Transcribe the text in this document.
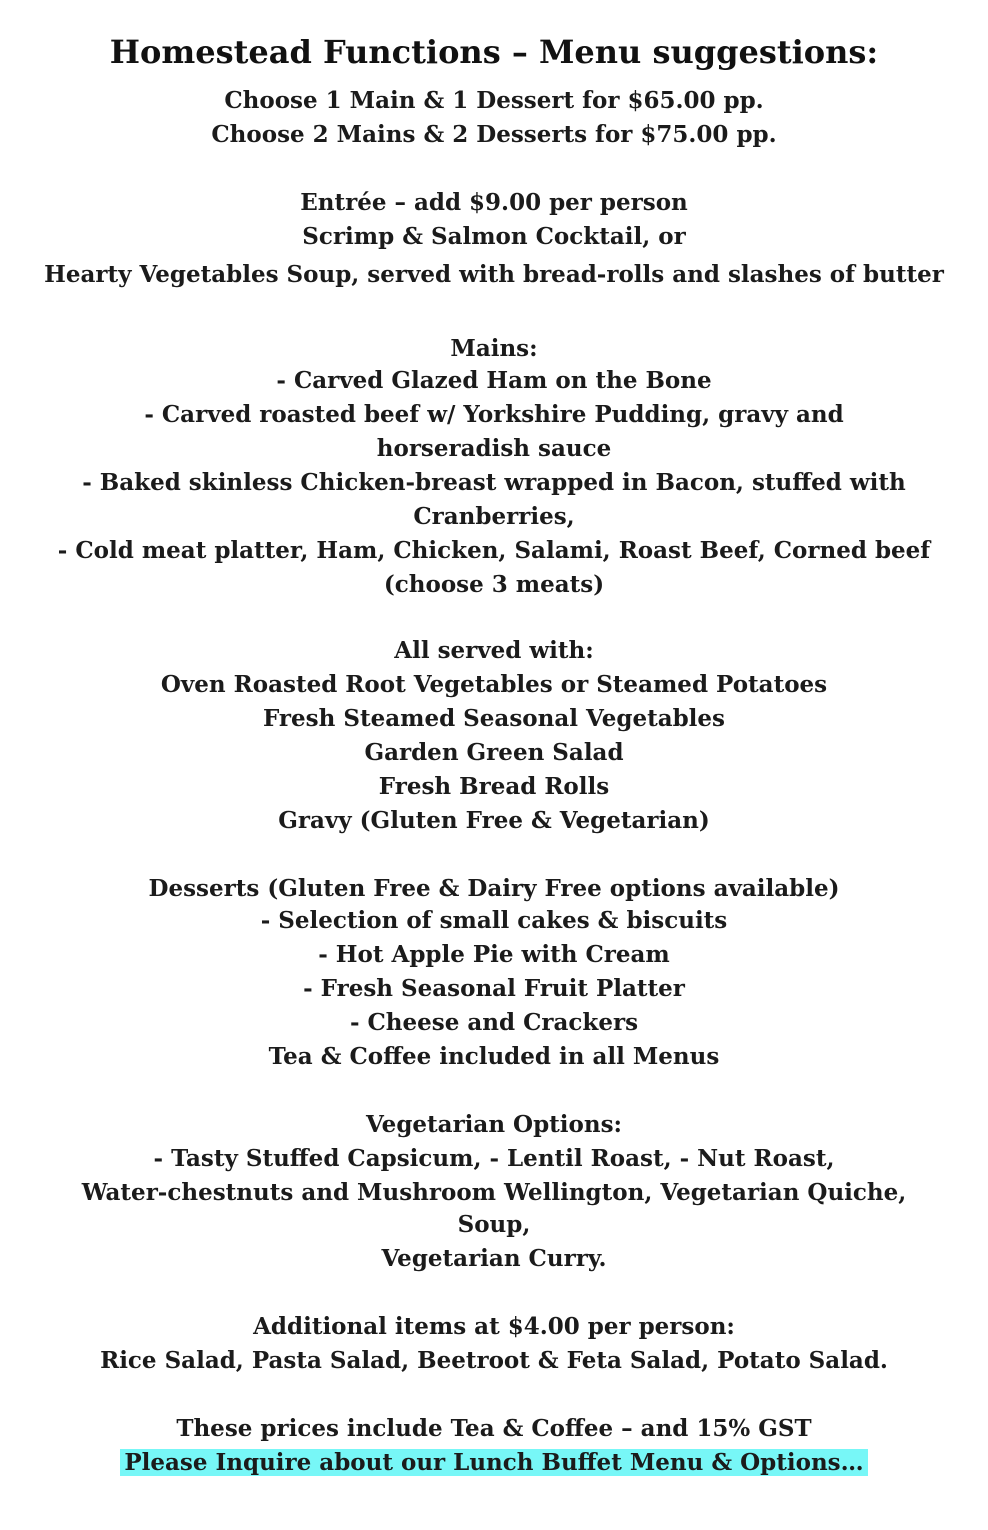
Homestead Functions – Menu suggestions:
Choose 1 Main & 1 Dessert for $65.00 pp.
Choose 2 Mains & 2 Desserts for $75.00 pp.
Entrée – add $9.00 per person
Scrimp & Salmon Cocktail, or
Hearty Vegetables Soup, served with bread-rolls and slashes of butter
Mains:
- Carved Glazed Ham on the Bone
- Carved roasted beef w/ Yorkshire Pudding, gravy and
horseradish sauce
- Baked skinless Chicken-breast wrapped in Bacon, stuffed with
Cranberries,
- Cold meat platter, Ham, Chicken, Salami, Roast Beef, Corned beef
(choose 3 meats)
All served with:
Oven Roasted Root Vegetables or Steamed Potatoes
Fresh Steamed Seasonal Vegetables
Garden Green Salad
Fresh Bread Rolls
Gravy (Gluten Free & Vegetarian)
Desserts (Gluten Free & Dairy Free options available)
- Selection of small cakes & biscuits
- Hot Apple Pie with Cream
- Fresh Seasonal Fruit Platter
- Cheese and Crackers
Tea & Coffee included in all Menus
Vegetarian Options:
- Tasty Stuffed Capsicum, - Lentil Roast, - Nut Roast,
Water-chestnuts and Mushroom Wellington, Vegetarian Quiche,
Soup,
Vegetarian Curry.
Additional items at $4.00 per person:
Rice Salad, Pasta Salad, Beetroot & Feta Salad, Potato Salad.
These prices include Tea & Coffee – and 15% GST
Please Inquire about our Lunch Buffet Menu & Options…
